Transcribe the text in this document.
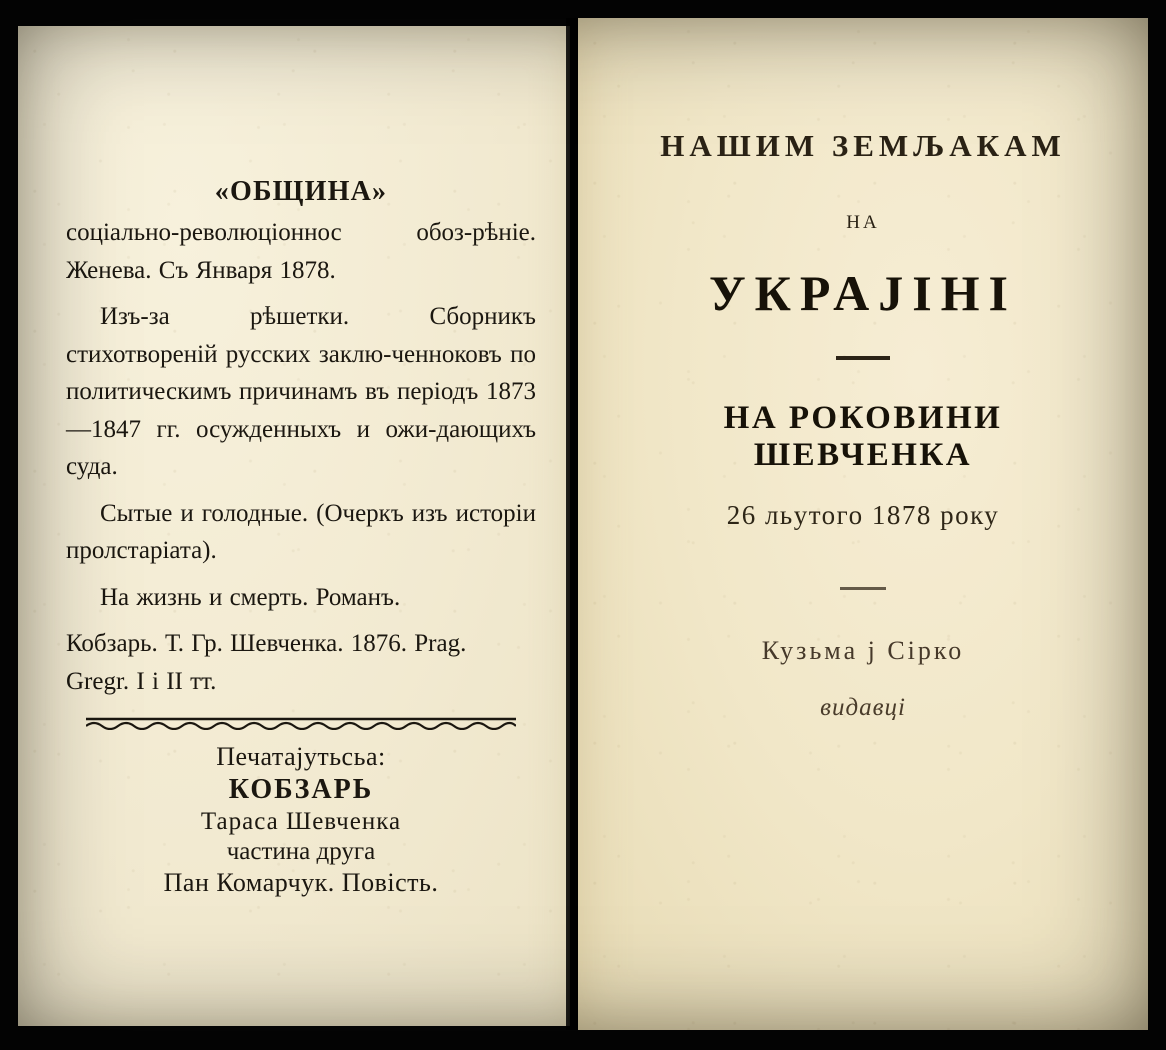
«ОБЩИНА»
соціально-революціоннос обоз-рѣніе. Женева. Съ Января 1878.

Изъ-за рѣшетки. Сборникъ стихотвореній русских заклю-ченноковъ по политическимъ причинамъ въ періодъ 1873—1847 гг. осужденныхъ и ожи-дающихъ суда.

Сытые и голодные. (Очеркъ изъ исторіи пролстаріата).

На жизнь и смерть. Романъ.

Кобзарь. Т. Гр. Шевченка. 1876. Prag. Gregr. I i II тт.

Печатајутьсьа:
КОБЗАРЬ
Тараса Шевченка
частина друга
Пан Комарчук. Повість.
НАШИМ ЗЕМЉАКАМ
НА
УКРАЈІНІ
НА РОКОВИНИ ШЕВЧЕНКА
26 льутого 1878 року
Кузьма ј Сірко
видавці
